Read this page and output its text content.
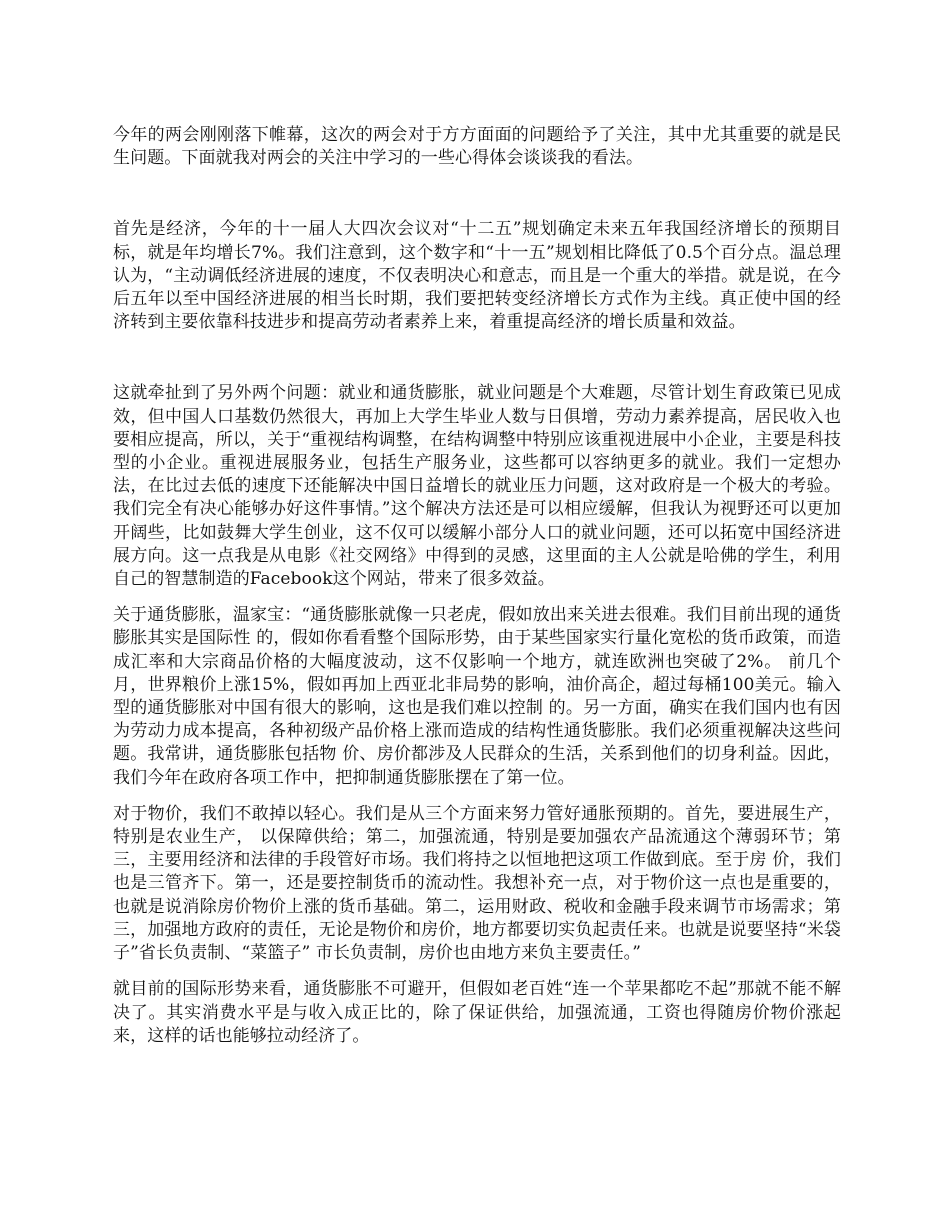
今年的两会刚刚落下帷幕，这次的两会对于方方面面的问题给予了关注，其中尤其重要的就是民生问题。下面就我对两会的关注中学习的一些心得体会谈谈我的看法。

首先是经济，今年的十一届人大四次会议对“十二五”规划确定未来五年我国经济增长的预期目标，就是年均增长7%。我们注意到，这个数字和“十一五”规划相比降低了0.5个百分点。温总理认为，“主动调低经济进展的速度，不仅表明决心和意志，而且是一个重大的举措。就是说，在今后五年以至中国经济进展的相当长时期，我们要把转变经济增长方式作为主线。真正使中国的经济转到主要依靠科技进步和提高劳动者素养上来，着重提高经济的增长质量和效益。

这就牵扯到了另外两个问题：就业和通货膨胀，就业问题是个大难题，尽管计划生育政策已见成效，但中国人口基数仍然很大，再加上大学生毕业人数与日俱增，劳动力素养提高，居民收入也要相应提高，所以，关于“重视结构调整，在结构调整中特别应该重视进展中小企业，主要是科技型的小企业。重视进展服务业，包括生产服务业，这些都可以容纳更多的就业。我们一定想办法，在比过去低的速度下还能解决中国日益增长的就业压力问题，这对政府是一个极大的考验。我们完全有决心能够办好这件事情。”这个解决方法还是可以相应缓解，但我认为视野还可以更加开阔些，比如鼓舞大学生创业，这不仅可以缓解小部分人口的就业问题，还可以拓宽中国经济进展方向。这一点我是从电影《社交网络》中得到的灵感，这里面的主人公就是哈佛的学生，利用自己的智慧制造的Facebook这个网站，带来了很多效益。

关于通货膨胀，温家宝：“通货膨胀就像一只老虎，假如放出来关进去很难。我们目前出现的通货膨胀其实是国际性 的，假如你看看整个国际形势，由于某些国家实行量化宽松的货币政策，而造成汇率和大宗商品价格的大幅度波动，这不仅影响一个地方，就连欧洲也突破了2%。 前几个月，世界粮价上涨15%，假如再加上西亚北非局势的影响，油价高企，超过每桶100美元。输入型的通货膨胀对中国有很大的影响，这也是我们难以控制 的。另一方面，确实在我们国内也有因为劳动力成本提高，各种初级产品价格上涨而造成的结构性通货膨胀。我们必须重视解决这些问题。我常讲，通货膨胀包括物 价、房价都涉及人民群众的生活，关系到他们的切身利益。因此，我们今年在政府各项工作中，把抑制通货膨胀摆在了第一位。

对于物价，我们不敢掉以轻心。我们是从三个方面来努力管好通胀预期的。首先，要进展生产，特别是农业生产， 以保障供给；第二，加强流通，特别是要加强农产品流通这个薄弱环节；第三，主要用经济和法律的手段管好市场。我们将持之以恒地把这项工作做到底。至于房 价，我们也是三管齐下。第一，还是要控制货币的流动性。我想补充一点，对于物价这一点也是重要的，也就是说消除房价物价上涨的货币基础。第二，运用财政、税收和金融手段来调节市场需求；第三，加强地方政府的责任，无论是物价和房价，地方都要切实负起责任来。也就是说要坚持“米袋子”省长负责制、“菜篮子” 市长负责制，房价也由地方来负主要责任。”

就目前的国际形势来看，通货膨胀不可避开，但假如老百姓“连一个苹果都吃不起”那就不能不解决了。其实消费水平是与收入成正比的，除了保证供给，加强流通，工资也得随房价物价涨起来，这样的话也能够拉动经济了。
